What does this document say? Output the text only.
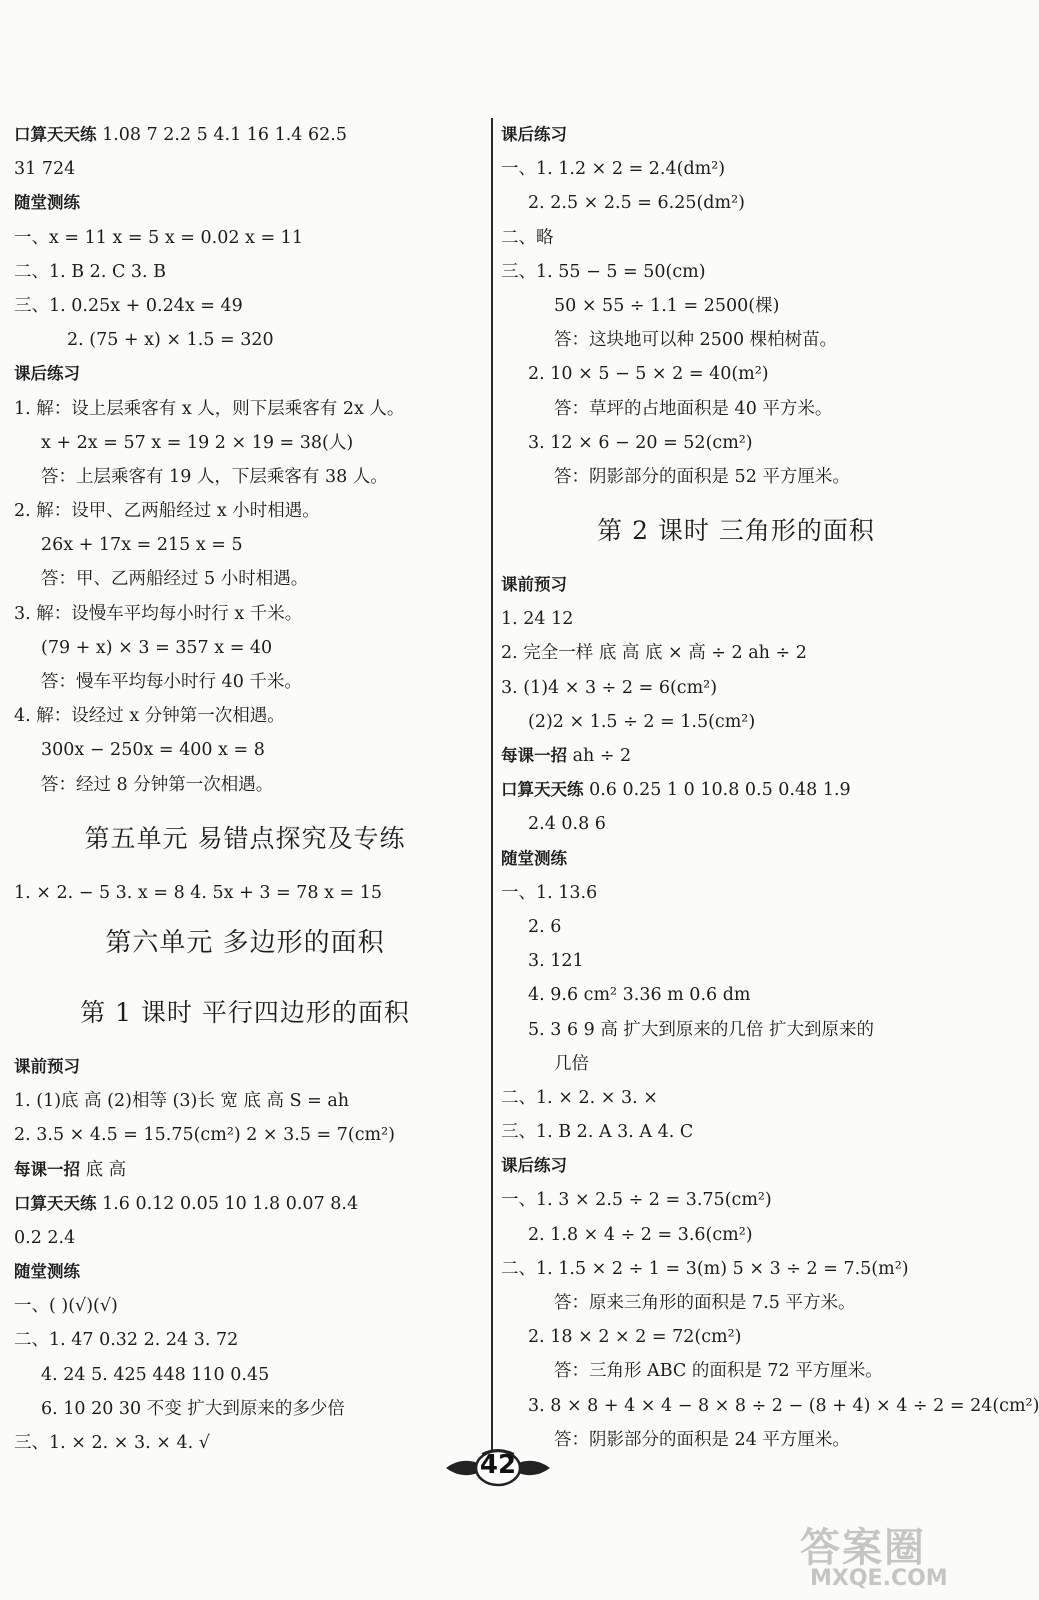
口算天天练 1.08 7 2.2 5 4.1 16 1.4 62.5
31 724
随堂测练
一、x = 11 x = 5 x = 0.02 x = 11
二、1. B 2. C 3. B
三、1. 0.25x + 0.24x = 49
2. (75 + x) × 1.5 = 320
课后练习
1. 解：设上层乘客有 x 人，则下层乘客有 2x 人。
x + 2x = 57 x = 19 2 × 19 = 38(人)
答：上层乘客有 19 人，下层乘客有 38 人。
2. 解：设甲、乙两船经过 x 小时相遇。
26x + 17x = 215 x = 5
答：甲、乙两船经过 5 小时相遇。
3. 解：设慢车平均每小时行 x 千米。
(79 + x) × 3 = 357 x = 40
答：慢车平均每小时行 40 千米。
4. 解：设经过 x 分钟第一次相遇。
300x − 250x = 400 x = 8
答：经过 8 分钟第一次相遇。
第五单元 易错点探究及专练
1. × 2. − 5 3. x = 8 4. 5x + 3 = 78 x = 15
第六单元 多边形的面积
第 1 课时 平行四边形的面积
课前预习
1. (1)底 高 (2)相等 (3)长 宽 底 高 S = ah
2. 3.5 × 4.5 = 15.75(cm²) 2 × 3.5 = 7(cm²)
每课一招 底 高
口算天天练 1.6 0.12 0.05 10 1.8 0.07 8.4
0.2 2.4
随堂测练
一、( )(√)(√)
二、1. 47 0.32 2. 24 3. 72
4. 24 5. 425 448 110 0.45
6. 10 20 30 不变 扩大到原来的多少倍
三、1. × 2. × 3. × 4. √
课后练习
一、1. 1.2 × 2 = 2.4(dm²)
2. 2.5 × 2.5 = 6.25(dm²)
二、略
三、1. 55 − 5 = 50(cm)
50 × 55 ÷ 1.1 = 2500(棵)
答：这块地可以种 2500 棵柏树苗。
2. 10 × 5 − 5 × 2 = 40(m²)
答：草坪的占地面积是 40 平方米。
3. 12 × 6 − 20 = 52(cm²)
答：阴影部分的面积是 52 平方厘米。
第 2 课时 三角形的面积
课前预习
1. 24 12
2. 完全一样 底 高 底 × 高 ÷ 2 ah ÷ 2
3. (1)4 × 3 ÷ 2 = 6(cm²)
(2)2 × 1.5 ÷ 2 = 1.5(cm²)
每课一招 ah ÷ 2
口算天天练 0.6 0.25 1 0 10.8 0.5 0.48 1.9
2.4 0.8 6
随堂测练
一、1. 13.6
2. 6
3. 121
4. 9.6 cm² 3.36 m 0.6 dm
5. 3 6 9 高 扩大到原来的几倍 扩大到原来的
几倍
二、1. × 2. × 3. ×
三、1. B 2. A 3. A 4. C
课后练习
一、1. 3 × 2.5 ÷ 2 = 3.75(cm²)
2. 1.8 × 4 ÷ 2 = 3.6(cm²)
二、1. 1.5 × 2 ÷ 1 = 3(m) 5 × 3 ÷ 2 = 7.5(m²)
答：原来三角形的面积是 7.5 平方米。
2. 18 × 2 × 2 = 72(cm²)
答：三角形 ABC 的面积是 72 平方厘米。
3. 8 × 8 + 4 × 4 − 8 × 8 ÷ 2 − (8 + 4) × 4 ÷ 2 = 24(cm²)
答：阴影部分的面积是 24 平方厘米。
42
答案圈
MXQE.COM
